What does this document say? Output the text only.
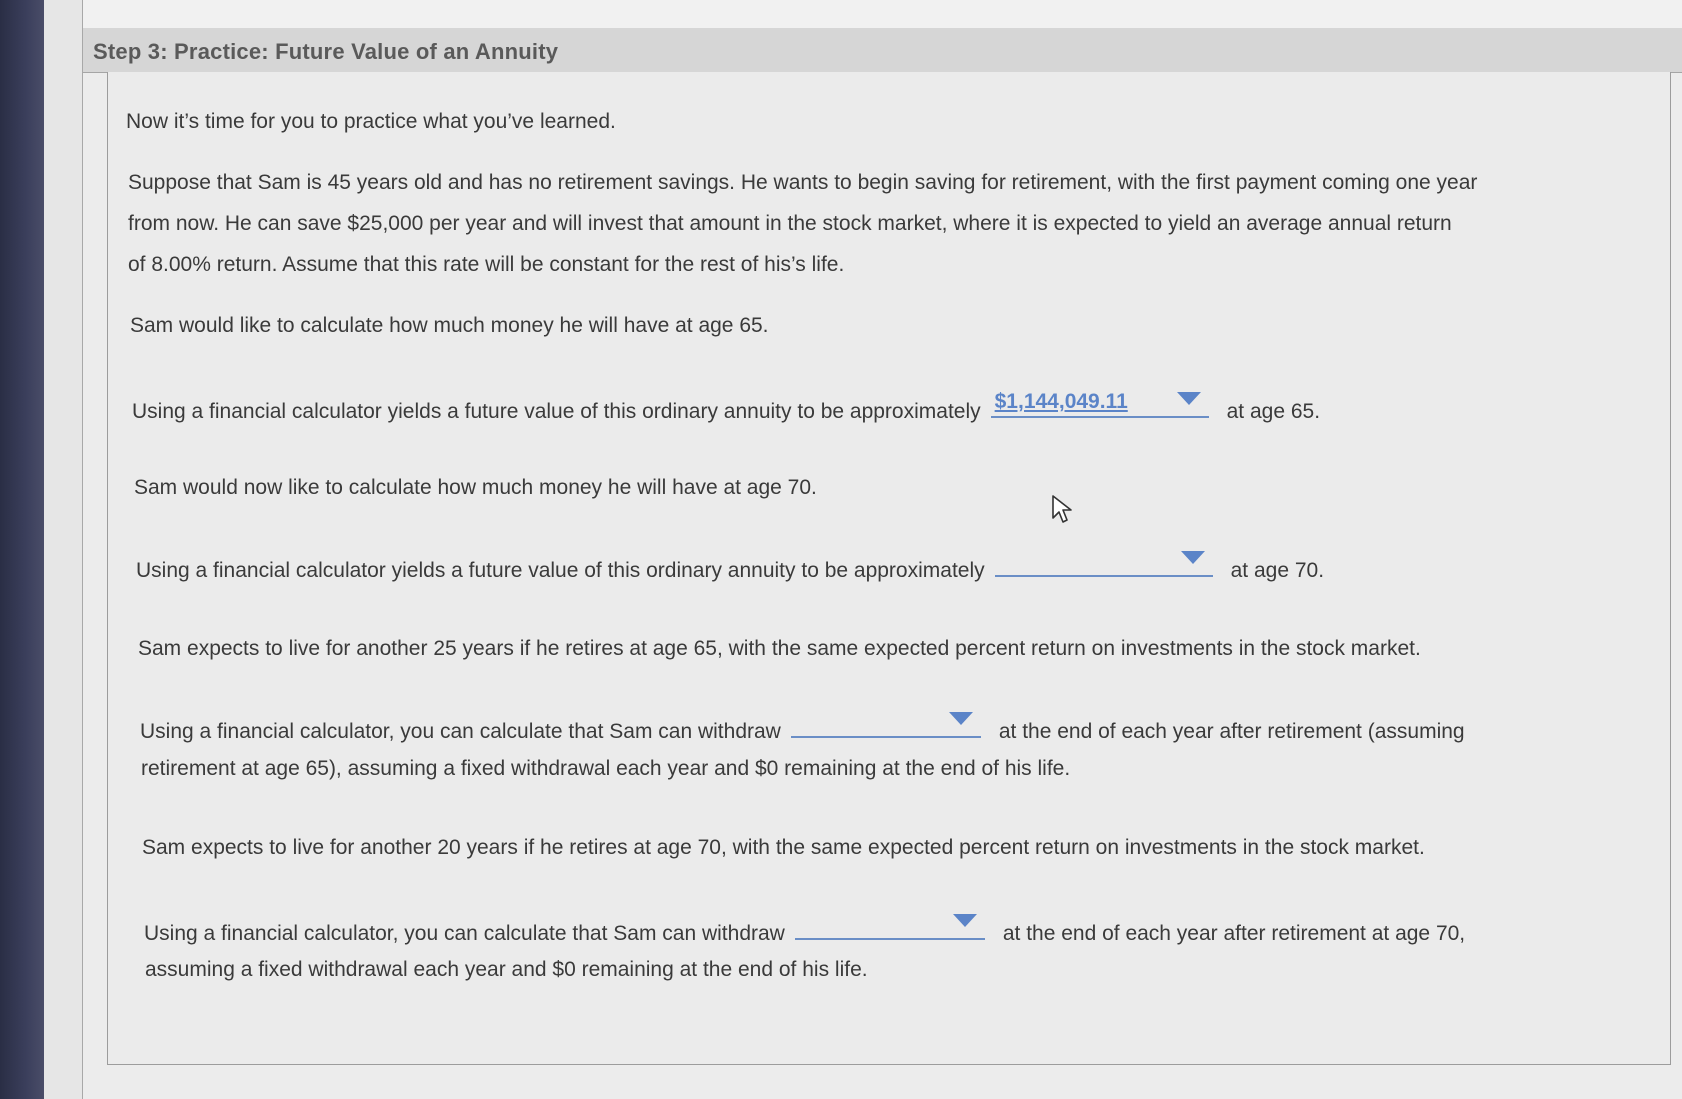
Step 3: Practice: Future Value of an Annuity
Now it’s time for you to practice what you’ve learned.
Suppose that Sam is 45 years old and has no retirement savings. He wants to begin saving for retirement, with the first payment coming one year
from now. He can save $25,000 per year and will invest that amount in the stock market, where it is expected to yield an average annual return
of 8.00% return. Assume that this rate will be constant for the rest of his’s life.
Sam would like to calculate how much money he will have at age 65.
Using a financial calculator yields a future value of this ordinary annuity to be approximately $1,144,049.11	at age 65.
Sam would now like to calculate how much money he will have at age 70.
Using a financial calculator yields a future value of this ordinary annuity to be approximately	at age 70.
Sam expects to live for another 25 years if he retires at age 65, with the same expected percent return on investments in the stock market.
Using a financial calculator, you can calculate that Sam can withdraw	at the end of each year after retirement (assuming
retirement at age 65), assuming a fixed withdrawal each year and $0 remaining at the end of his life.
Sam expects to live for another 20 years if he retires at age 70, with the same expected percent return on investments in the stock market.
Using a financial calculator, you can calculate that Sam can withdraw	at the end of each year after retirement at age 70,
assuming a fixed withdrawal each year and $0 remaining at the end of his life.
